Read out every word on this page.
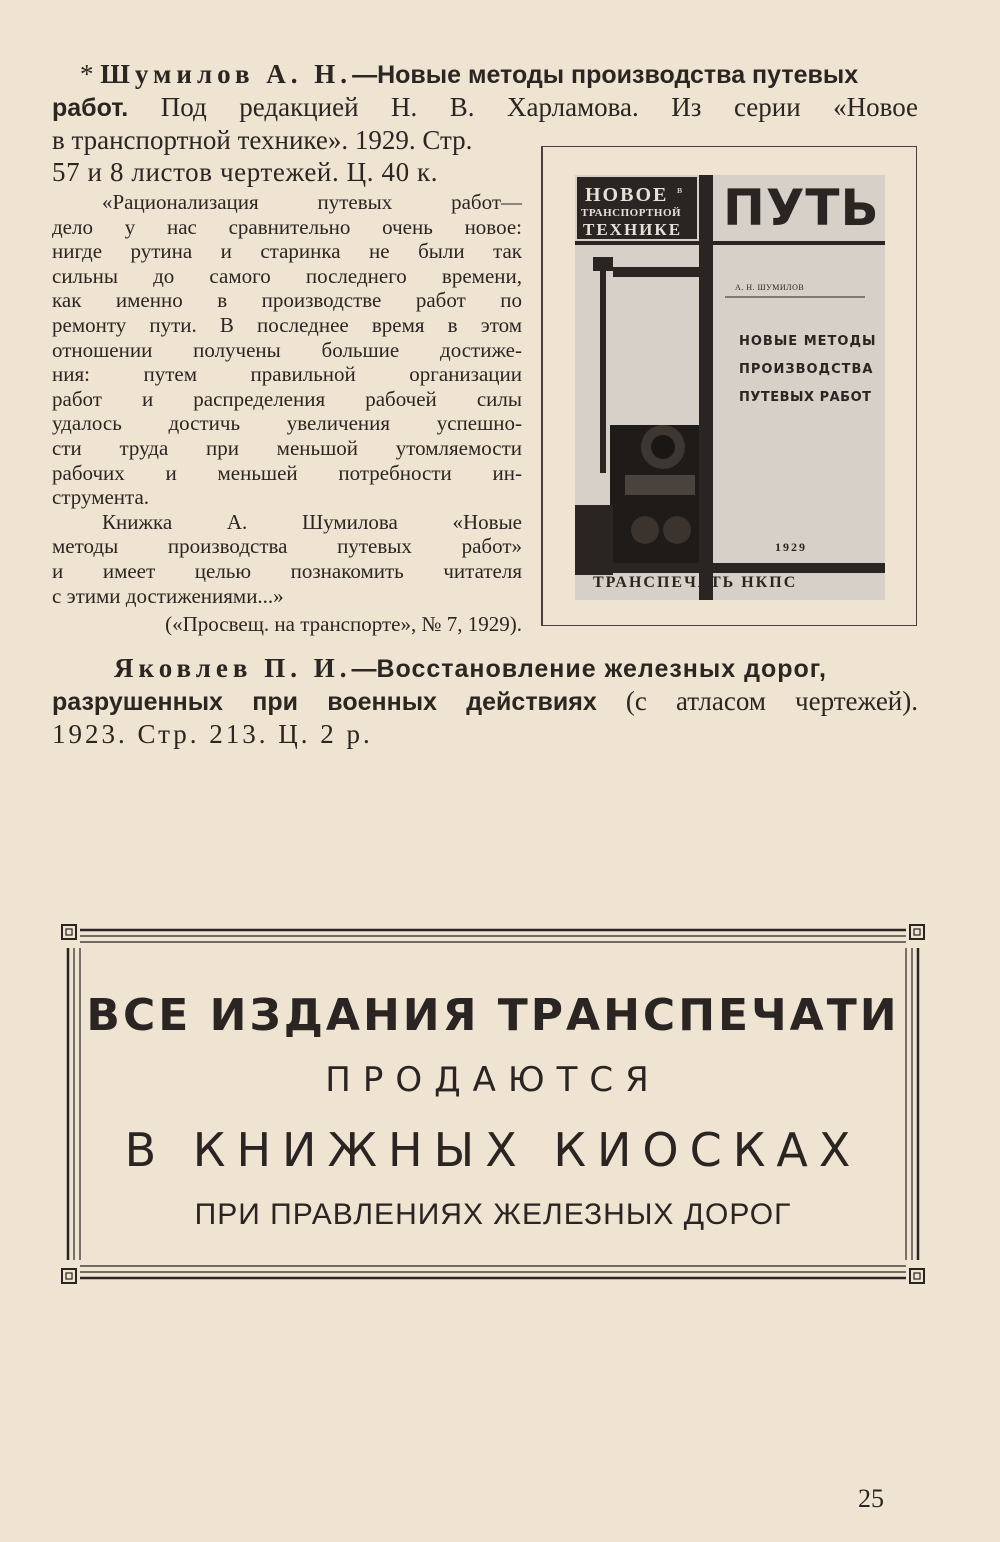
* Шумилов А. Н.—Новые методы производства путевых
работ. Под редакцией Н. В. Харламова. Из серии «Новое
в транспортной технике». 1929. Стр.
57 и 8 листов чертежей. Ц. 40 к.
«Рационализация путевых работ—
дело у нас сравнительно очень новое:
нигде рутина и старинка не были так
сильны до самого последнего времени,
как именно в производстве работ по
ремонту пути. В последнее время в этом
отношении получены большие достиже-
ния: путем правильной организации
работ и распределения рабочей силы
удалось достичь увеличения успешно-
сти труда при меньшой утомляемости
рабочих и меньшей потребности ин-
струмента.
Книжка А. Шумилова «Новые
методы производства путевых работ»
и имеет целью познакомить читателя
с этими достижениями...»
(«Просвещ. на транспорте», № 7, 1929).
НОВОЕ в
ТРАНСПОРТНОЙ
ТЕХНИКЕ ПУТЬ
А. Н. ШУМИЛОВ
НОВЫЕ МЕТОДЫ
ПРОИЗВОДСТВА
ПУТЕВЫХ РАБОТ
1929
ТРАНСПЕЧАТЬ НКПС
Яковлев П. И.—Восстановление железных дорог,
разрушенных при военных действиях (с атласом чертежей).
1923. Стр. 213. Ц. 2 р.
ВСЕ ИЗДАНИЯ ТРАНСПЕЧАТИ
ПРОДАЮТСЯ
В КНИЖНЫХ КИОСКАХ
ПРИ ПРАВЛЕНИЯХ ЖЕЛЕЗНЫХ ДОРОГ
25
